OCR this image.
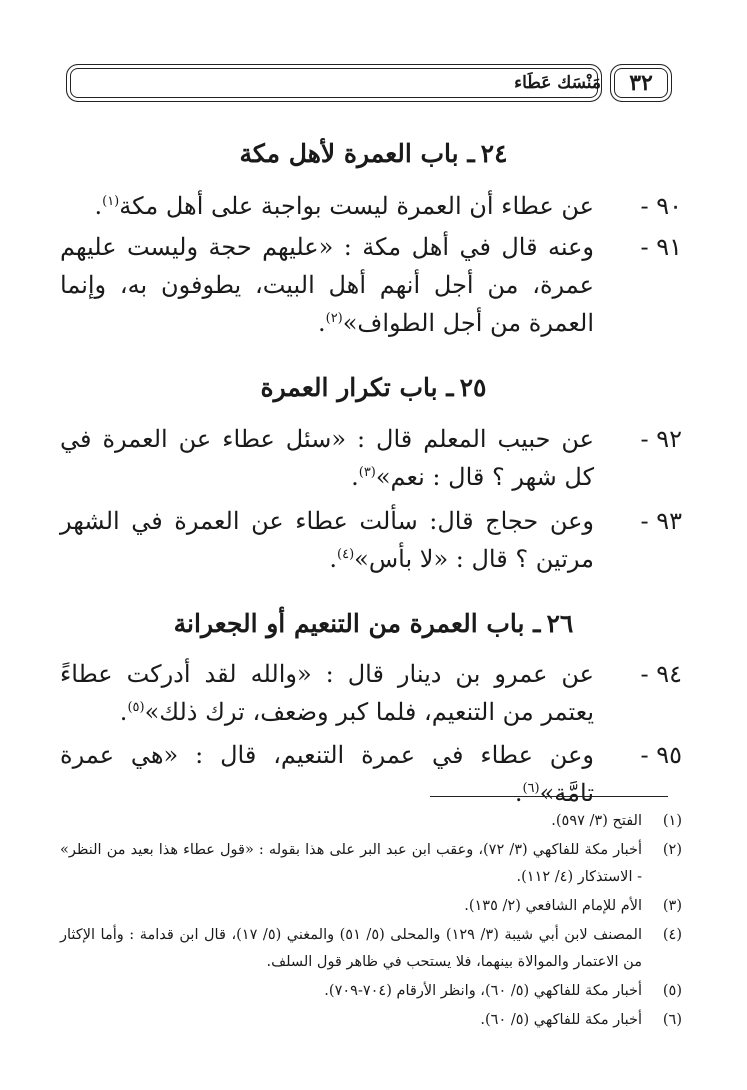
٣٢
مَنْسَك عَطَاء
٢٤ـ باب العمرة لأهل مكة
٩٠ -
عن عطاء أن العمرة ليست بواجبة على أهل مكة$^{(١)}$.
٩١ -
وعنه قال في أهل مكة : «عليهم حجة وليست عليهم عمرة، من أجل أنهم أهل البيت، يطوفون به، وإنما العمرة من أجل الطواف»$^{(٢)}$.
٢٥ـ باب تكرار العمرة
٩٢ -
عن حبيب المعلم قال : «سئل عطاء عن العمرة في كل شهر ؟ قال : نعم»$^{(٣)}$.
٩٣ -
وعن حجاج قال: سألت عطاء عن العمرة في الشهر مرتين ؟ قال : «لا بأس»$^{(٤)}$.
٢٦ـ باب العمرة من التنعيم أو الجعرانة
٩٤ -
عن عمرو بن دينار قال : «والله لقد أدركت عطاءً يعتمر من التنعيم، فلما كبر وضعف، ترك ذلك»$^{(٥)}$.
٩٥ -
وعن عطاء في عمرة التنعيم، قال : «هي عمرة تامَّة»$^{(٦)}$.
(١)
الفتح (٣/ ٥٩٧).
(٢)
أخبار مكة للفاكهي (٣/ ٧٢)، وعقب ابن عبد البر على هذا بقوله : «قول عطاء هذا بعيد من النظر» - الاستذكار (٤/ ١١٢).
(٣)
الأم للإمام الشافعي (٢/ ١٣٥).
(٤)
المصنف لابن أبي شيبة (٣/ ١٢٩) والمحلى (٥/ ٥١) والمغني (٥/ ١٧)، قال ابن قدامة : وأما الإكثار من الاعتمار والموالاة بينهما، فلا يستحب في ظاهر قول السلف.
(٥)
أخبار مكة للفاكهي (٥/ ٦٠)، وانظر الأرقام (٧٠٤-٧٠٩).
(٦)
أخبار مكة للفاكهي (٥/ ٦٠).
